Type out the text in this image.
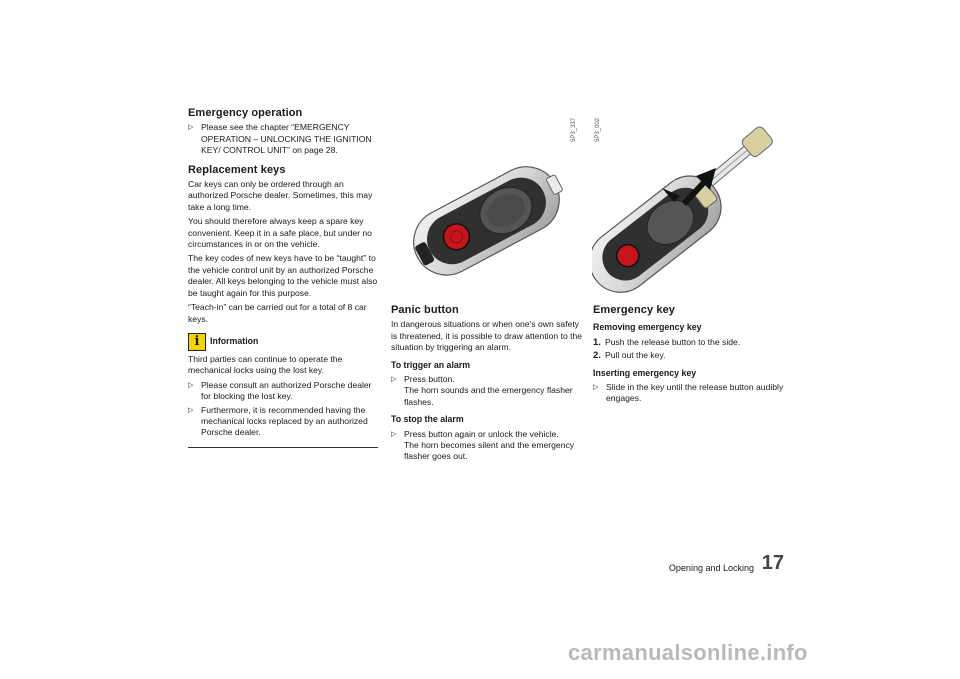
Emergency operation
▷ Please see the chapter “EMERGENCY OPERATION – UNLOCKING THE IGNITION KEY/ CONTROL UNIT” on page 28.
Replacement keys

Car keys can only be ordered through an authorized Porsche dealer. Sometimes, this may take a long time.

You should therefore always keep a spare key convenient. Keep it in a safe place, but under no circumstances in or on the vehicle.

The key codes of new keys have to be “taught” to the vehicle control unit by an authorized Porsche dealer. All keys belonging to the vehicle must also be taught again for this purpose.

“Teach-in” can be carried out for a total of 8 car keys.

i	Information

Third parties can continue to operate the mechanical locks using the lost key.

▷ Please consult an authorized Porsche dealer for blocking the lost key.
▷ Furthermore, it is recommended having the mechanical locks replaced by an authorized Porsche dealer.
5P3_337	5P3_002
Panic button

In dangerous situations or when one’s own safety is threatened, it is possible to draw attention to the situation by triggering an alarm.

To trigger an alarm
▷ Press button.
The horn sounds and the emergency flasher flashes.
To stop the alarm
▷ Press button again or unlock the vehicle.
The horn becomes silent and the emergency flasher goes out.
Emergency key
Removing emergency key
1. Push the release button to the side.
2. Pull out the key.
Inserting emergency key
▷ Slide in the key until the release button audibly engages.
Opening and Locking 17
carmanualsonline.info
